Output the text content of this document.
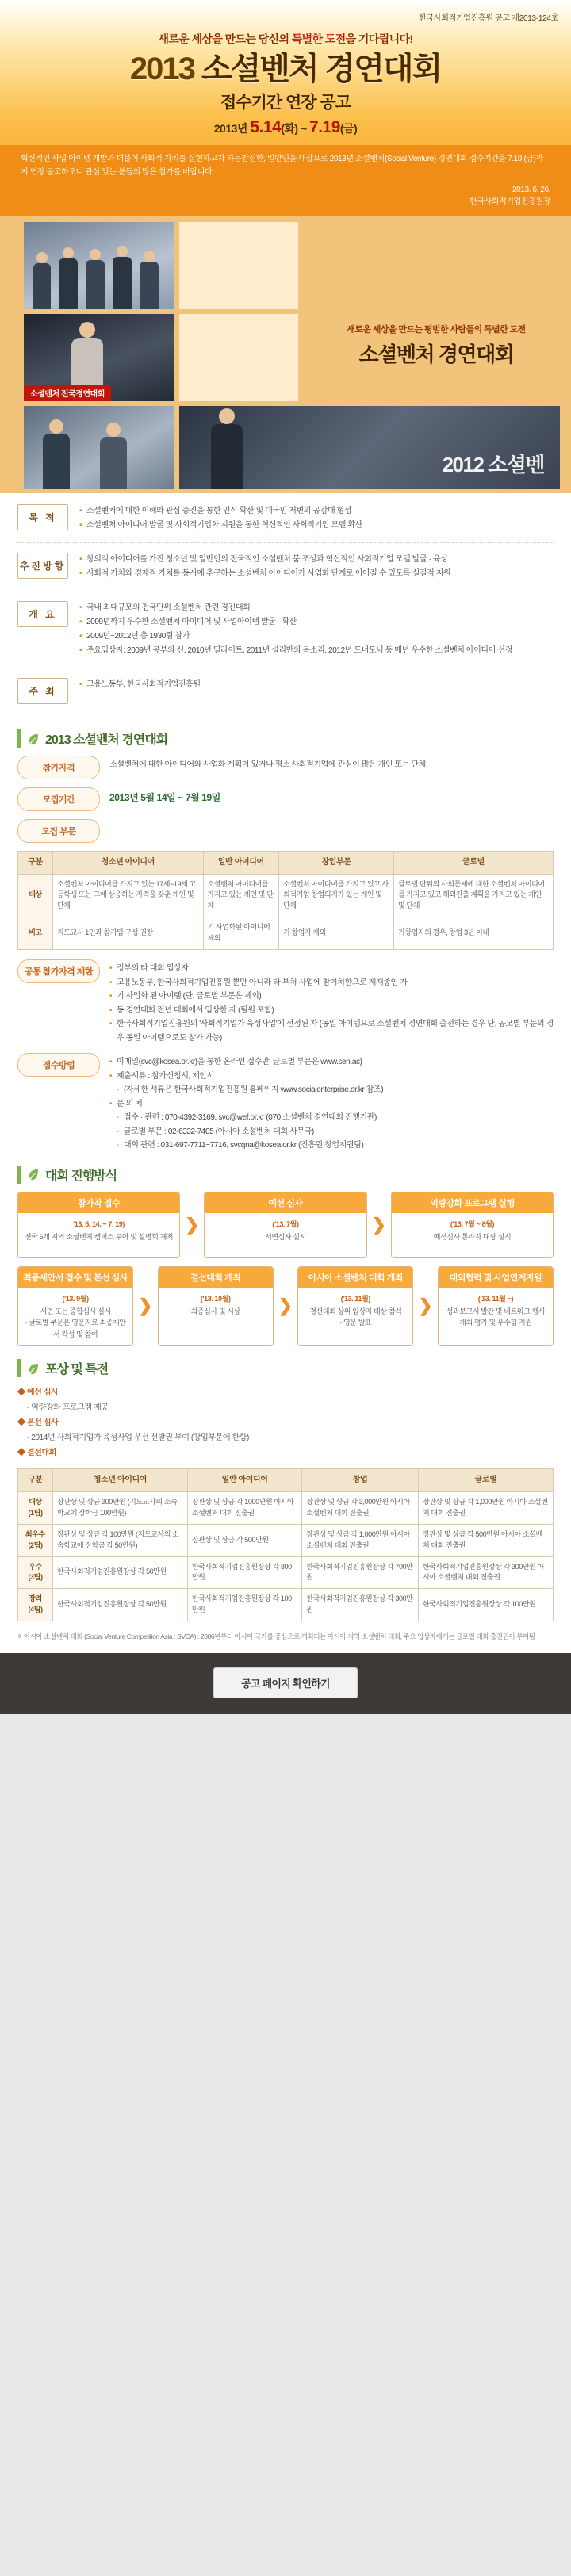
한국사회적기업진흥원 공고 제2013-124호
새로운 세상을 만드는 당신의 특별한 도전을 기다립니다!
2013 소셜벤처 경연대회
접수기간 연장 공고
2013년 5.14(화) ~ 7.19(금)
혁신적인 사업 아이템 개발과 더불어 사회적 가치를 실현하고자 하는참신한, 일반인을 대상으로 2013년 소셜벤처(Social Venture) 경연대회 접수기간을 7.19.(금)까지 연장 공고하오니 관심 있는 분들의 많은 참가를 바랍니다.
2013. 6. 26.
한국사회적기업진흥원장
소셜벤처 전국경연대회
2012 소셜벤
새로운 세상을 만드는 평범한 사람들의 특별한 도전
소셜벤처 경연대회
목 적
• 소셜벤처에 대한 이해와 관심 증진을 통한 인식 확산 및 대국민 저변의 공감대 형성
• 소셜벤처 아이디어 발굴 및 사회적기업화 지원을 통한 혁신적인 사회적기업 모델 확산
추진방향
• 창의적 아이디어를 가진 청소년 및 일반인의 전국적인 소셜벤처 붐 조성과 혁신적인 사회적기업 모델 발굴 · 육성
• 사회적 가치와 경제적 가치를 동시에 추구하는 소셜벤처 아이디어가 사업화 단계로 이어질 수 있도록 실질적 지원
개 요
• 국내 최대규모의 전국단위 소셜벤처 관련 경진대회
• 2009년까지 우수한 소셜벤처 아이디어 및 사업아이템 발굴 · 확산
• 2009년~2012년 총 1930팀 참가
• 주요입상자: 2009년 공부의 신, 2010년 딜라이트, 2011년 설리반의 목소리, 2012년 도너도닉 등 매년 우수한 소셜벤처 아이디어 선정
주 최
• 고용노동부, 한국사회적기업진흥원
2013 소셜벤처 경연대회
참가자격	소셜벤처에 대한 아이디어와 사업화 계획이 있거나 평소 사회적기업에 관심이 많은 개인 또는 단체
모집기간	2013년 5월 14일 ~ 7월 19일
모집 부문
구분	청소년 아이디어	일반 아이디어	창업부문	글로벌
대상	소셜벤처 아이디어를 가지고 있는 17세~19세 고등학생 또는 그에 상응하는 자격을 갖춘 개인 및 단체	소셜벤처 아이디어를 가지고 있는 개인 및 단체	소셜벤처 아이디어를 가지고 있고 사회적기업 창업의지가 있는 개인 및 단체	글로벌 단위의 사회문제에 대한 소셜벤처 아이디어를 가지고 있고 해외진출 계획을 가지고 있는 개인 및 단체
비고	지도교사 1인과 참가팀 구성 권장	기 사업화된 아이디어 제외	기 창업자 제외	기창업자의 경우, 창업 3년 이내
공통 참가자격 제한	• 정부의 타 대회 입상자
• 고용노동부, 한국사회적기업진흥원 뿐만 아니라 타 부처 사업에 참여쳐한으로 제재종인 자
• 기 사업화 된 아이템 (단, 글로벌 부문은 제외)
• 동 경연대회 전년 대회에서 입상한 자 (팀원 포함)
• 한국사회적기업진흥원의 '사회적기업가 육성사업'에 선정된 자 (동일 아이템으로 소셜벤처 경연대회 출전하는 경우 단, 공모별 부문의 경우 동일 아이템으로도 참가 가능)
접수방법	• 이메일(svc@kosea.or.kr)을 통한 온라인 접수만, 글로벌 부문은 www.sen.ac)
• 제출서류 : 참가신청서, 제안서
- (자세한 서류은 한국사회적기업진흥원 홈페이지 www.socialenterprise.or.kr 참조)
• 문 의 처
- 접수 · 관련 : 070-4392-3169, svc@wef.or.kr (070 소셜벤처 경연대회 진행기관)
- 글로벌 부문 : 02-6332-7405 (아시아 소셜벤처 대회 사무국)
- 대회 관련 : 031-697-7711~7716, svcqna@kosea.or.kr (진흥원 창업지원팀)
대회 진행방식
참가작 접수
'13. 5. 14. ~ 7. 19)
전국 5개 지역 소셜벤처 캠퍼스 투어 및 설명회 개최
❯
예선 심사
('13. 7월)
서면심사 실시
❯
역량강화 프로그램 실행
('13. 7월 ~ 8월)
예선심사 통과자 대상 실시
최종세안서 접수 및 본선 심사
('13. 9월)
서면 또는 중합심사 실시
· 글로벌 부문은 영문자료 최종제안서 작성 및 참여
❯
결선대회 개최
('13. 10월)
최종심사 및 시상	❯
아시아 소셜벤처 대회 개최
('13. 11월)
결선대회 상위 입상자 대상 참석
· 영문 발표
❯
대외협력 및 사업연계지원
('13. 11월 ~)
성과보고서 발간 및 네트워크 행사 개최 평가 및 우수팀 지원
포상 및 특전
◆ 예선 심사
- 역량강화 프로그램 제공
◆ 본선 심사
- 2014년 사회적기업가 육성사업 우선 선발권 부여 (창업부문에 한함)
◆ 결선대회
구분	청소년 아이디어	일반 아이디어	창업	글로벌
대상
(1팀)	장관상 및 상금 300만원 (지도교사의 소속학교에 장학금 100만원)	장관상 및 상금 각 1000만원 아시아 소셜벤처 대회 진출권	장관상 및 상금 각 3,000만원 아시아 소셜벤처 대회 진출권	장관상 및 상금 각 1,000만원 아시아 소셜벤처 대회 진출권
최우수
(2팀)	장관상 및 상금 각 100만원 (지도교사의 소속학교에 장학금 각 50만원)	장관상 및 상금 각 500만원	장관상 및 상금 각 1,000만원 아시아 소셜벤처 대회 진출권	장관상 및 상금 각 500만원 아시아 소셜벤처 대회 진출권
우수
(3팀)	한국사회적기업진흥원장상 각 50만원	한국사회적기업진흥원장상 각 300만원	한국사회적기업진흥원장상 각 700만원	한국사회적기업진흥원장상 각 300만원 아시아 소셜벤처 대회 진출권
장려
(4팀)	한국사회적기업진흥원장상 각 50만원	한국사회적기업진흥원장상 각 100만원	한국사회적기업진흥원장상 각 300만원	한국사회적기업진흥원장상 각 100만원
※ 아시아 소셜벤처 대회 (Social Venture Competition Asia : SVCA) : 2006년부터 아시아 국가를 중심으로 개최되는 아시아 지역 소셜벤처 대회, 주요 입상자에게는 글로벌 대회 출전권이 부여됨
공고 페이지 확인하기
